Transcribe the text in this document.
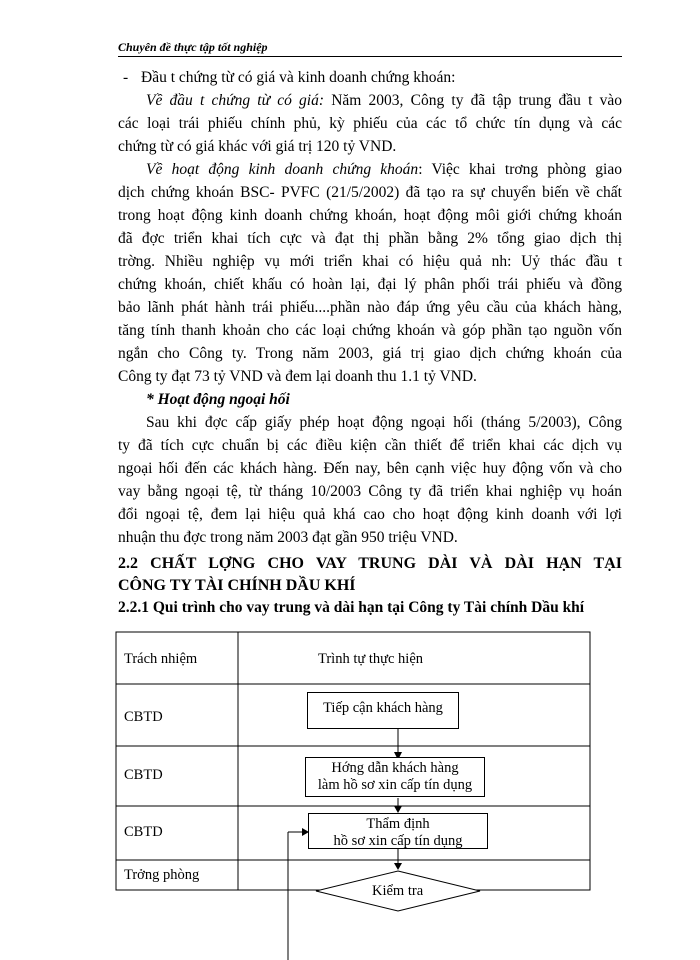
Chuyên đề thực tập tốt nghiệp
- Đầu t chứng từ có giá và kinh doanh chứng khoán:
Về đầu t chứng từ có giá: Năm 2003, Công ty đã tập trung đầu t vào
các loại trái phiếu chính phủ, kỳ phiếu của các tổ chức tín dụng và các
chứng từ có giá khác với giá trị 120 tỷ VND.
Về hoạt động kinh doanh chứng khoán: Việc khai trơng phòng giao
dịch chứng khoán BSC- PVFC (21/5/2002) đã tạo ra sự chuyển biến về chất
trong hoạt động kinh doanh chứng khoán, hoạt động môi giới chứng khoán
đã đợc triển khai tích cực và đạt thị phần bằng 2% tổng giao dịch thị
trờng. Nhiều nghiệp vụ mới triển khai có hiệu quả nh: Uỷ thác đầu t
chứng khoán, chiết khấu có hoàn lại, đại lý phân phối trái phiếu và đồng
bảo lãnh phát hành trái phiếu....phần nào đáp ứng yêu cầu của khách hàng,
tăng tính thanh khoản cho các loại chứng khoán và góp phần tạo nguồn vốn
ngắn cho Công ty. Trong năm 2003, giá trị giao dịch chứng khoán của
Công ty đạt 73 tỷ VND và đem lại doanh thu 1.1 tỷ VND.
* Hoạt động ngoại hối
Sau khi đợc cấp giấy phép hoạt động ngoại hối (tháng 5/2003), Công
ty đã tích cực chuẩn bị các điều kiện cần thiết để triển khai các dịch vụ
ngoại hối đến các khách hàng. Đến nay, bên cạnh việc huy động vốn và cho
vay bằng ngoại tệ, từ tháng 10/2003 Công ty đã triển khai nghiệp vụ hoán
đổi ngoại tệ, đem lại hiệu quả khá cao cho hoạt động kinh doanh với lợi
nhuận thu đợc trong năm 2003 đạt gần 950 triệu VND.
2.2 CHẤT LỢNG CHO VAY TRUNG DÀI VÀ DÀI HẠN TẠI
CÔNG TY TÀI CHÍNH DẦU KHÍ
2.2.1 Qui trình cho vay trung và dài hạn tại Công ty Tài chính Dầu khí
Trách nhiệm	Trình tự thực hiện
CBTD
CBTD
CBTD
Trởng phòng
Tiếp cận khách hàng
Hớng dẫn khách hàng
làm hồ sơ xin cấp tín dụng
Thẩm định
hồ sơ xin cấp tín dụng
Kiểm tra
